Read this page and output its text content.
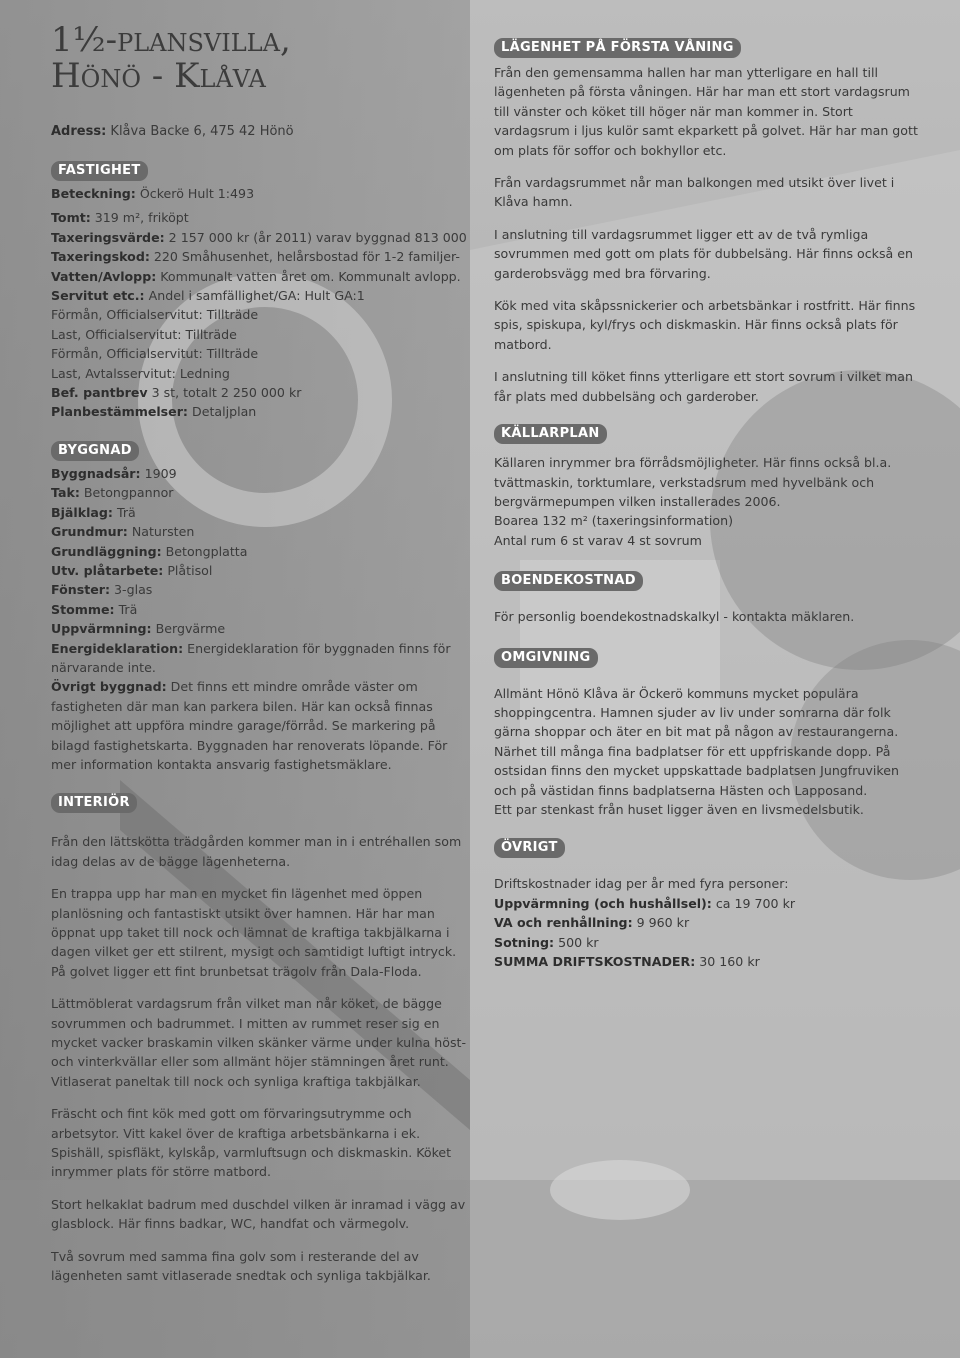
1½-plansvilla,
Hönö - Klåva

Adress: Klåva Backe 6, 475 42 Hönö

FASTIGHET

Beteckning: Öckerö Hult 1:493

Tomt: 319 m², friköpt

Taxeringsvärde: 2 157 000 kr (år 2011) varav byggnad 813 000

Taxeringskod: 220 Småhusenhet, helårsbostad för 1-2 familjer-

Vatten/Avlopp: Kommunalt vatten året om. Kommunalt avlopp.

Servitut etc.: Andel i samfällighet/GA: Hult GA:1

Förmån, Officialservitut: Tillträde

Last, Officialservitut: Tillträde

Förmån, Officialservitut: Tillträde

Last, Avtalsservitut: Ledning

Bef. pantbrev 3 st, totalt 2 250 000 kr

Planbestämmelser: Detaljplan

BYGGNAD

Byggnadsår: 1909

Tak: Betongpannor

Bjälklag: Trä

Grundmur: Natursten

Grundläggning: Betongplatta

Utv. plåtarbete: Plåtisol

Fönster: 3-glas

Stomme: Trä

Uppvärmning: Bergvärme

Energideklaration: Energideklaration för byggnaden finns för närvarande inte.

Övrigt byggnad: Det finns ett mindre område väster om fastigheten där man kan parkera bilen. Här kan också finnas möjlighet att uppföra mindre garage/förråd. Se markering på bilagd fastighetskarta. Byggnaden har renoverats löpande. För mer information kontakta ansvarig fastighetsmäklare.

INTERIÖR

Från den lättskötta trädgården kommer man in i entréhallen som idag delas av de bägge lägenheterna.

En trappa upp har man en mycket fin lägenhet med öppen planlösning och fantastiskt utsikt över hamnen. Här har man öppnat upp taket till nock och lämnat de kraftiga takbjälkarna i dagen vilket ger ett stilrent, mysigt och samtidigt luftigt intryck. På golvet ligger ett fint brunbetsat trägolv från Dala-Floda.

Lättmöblerat vardagsrum från vilket man når köket, de bägge sovrummen och badrummet. I mitten av rummet reser sig en mycket vacker braskamin vilken skänker värme under kulna höst- och vinterkvällar eller som allmänt höjer stämningen året runt. Vitlaserat paneltak till nock och synliga kraftiga takbjälkar.

Fräscht och fint kök med gott om förvaringsutrymme och arbetsytor. Vitt kakel över de kraftiga arbetsbänkarna i ek. Spishäll, spisfläkt, kylskåp, varmluftsugn och diskmaskin. Köket inrymmer plats för större matbord.

Stort helkaklat badrum med duschdel vilken är inramad i vägg av glasblock. Här finns badkar, WC, handfat och värmegolv.

Två sovrum med samma fina golv som i resterande del av lägenheten samt vitlaserade snedtak och synliga takbjälkar.

LÄGENHET PÅ FÖRSTA VÅNING

Från den gemensamma hallen har man ytterligare en hall till lägenheten på första våningen. Här har man ett stort vardagsrum till vänster och köket till höger när man kommer in. Stort vardagsrum i ljus kulör samt ekparkett på golvet. Här har man gott om plats för soffor och bokhyllor etc.

Från vardagsrummet når man balkongen med utsikt över livet i Klåva hamn.

I anslutning till vardagsrummet ligger ett av de två rymliga sovrummen med gott om plats för dubbelsäng. Här finns också en garderobsvägg med bra förvaring.

Kök med vita skåpssnickerier och arbetsbänkar i rostfritt. Här finns spis, spiskupa, kyl/frys och diskmaskin. Här finns också plats för matbord.

I anslutning till köket finns ytterligare ett stort sovrum i vilket man får plats med dubbelsäng och garderober.

KÄLLARPLAN

Källaren inrymmer bra förrådsmöjligheter. Här finns också bl.a. tvättmaskin, torktumlare, verkstadsrum med hyvelbänk och bergvärmepumpen vilken installerades 2006.

Boarea 132 m² (taxeringsinformation)

Antal rum 6 st varav 4 st sovrum

BOENDEKOSTNAD

För personlig boendekostnadskalkyl - kontakta mäklaren.

OMGIVNING

Allmänt Hönö Klåva är Öckerö kommuns mycket populära shoppingcentra. Hamnen sjuder av liv under somrarna där folk gärna shoppar och äter en bit mat på någon av restaurangerna. Närhet till många fina badplatser för ett uppfriskande dopp. På ostsidan finns den mycket uppskattade badplatsen Jungfruviken och på västidan finns badplatserna Hästen och Lapposand.

Ett par stenkast från huset ligger även en livsmedelsbutik.

ÖVRIGT

Driftskostnader idag per år med fyra personer:

Uppvärmning (och hushållsel): ca 19 700 kr

VA och renhållning: 9 960 kr

Sotning: 500 kr

SUMMA DRIFTSKOSTNADER: 30 160 kr
